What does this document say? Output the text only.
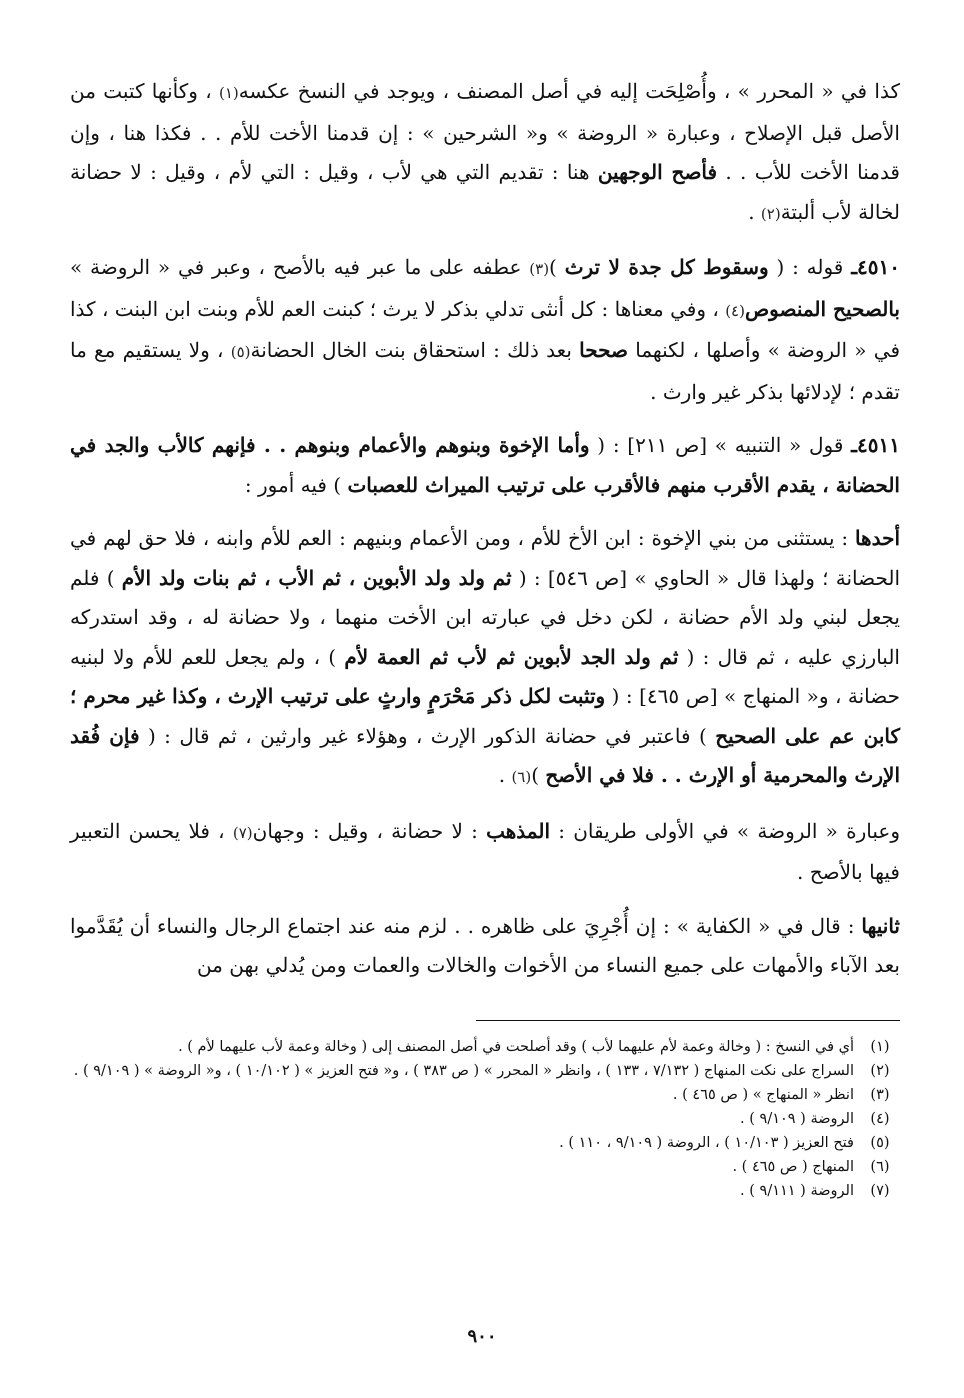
كذا في « المحرر » ، وأُصْلِحَت إليه في أصل المصنف ، ويوجد في النسخ عكسه(١) ، وكأنها كتبت من الأصل قبل الإصلاح ، وعبارة « الروضة » و« الشرحين » : إن قدمنا الأخت للأم . . فكذا هنا ، وإن قدمنا الأخت للأب . . فأصح الوجهين هنا : تقديم التي هي لأب ، وقيل : التي لأم ، وقيل : لا حضانة لخالة لأب ألبتة(٢) .

٤٥١٠ـ قوله : ( وسقوط كل جدة لا ترث )(٣) عطفه على ما عبر فيه بالأصح ، وعبر في « الروضة » بالصحيح المنصوص(٤) ، وفي معناها : كل أنثى تدلي بذكر لا يرث ؛ كبنت العم للأم وبنت ابن البنت ، كذا في « الروضة » وأصلها ، لكنهما صححا بعد ذلك : استحقاق بنت الخال الحضانة(٥) ، ولا يستقيم مع ما تقدم ؛ لإدلائها بذكر غير وارث .

٤٥١١ـ قول « التنبيه » [ص ٢١١] : ( وأما الإخوة وبنوهم والأعمام وبنوهم . . فإنهم كالأب والجد في الحضانة ، يقدم الأقرب منهم فالأقرب على ترتيب الميراث للعصبات ) فيه أمور :

أحدها : يستثنى من بني الإخوة : ابن الأخ للأم ، ومن الأعمام وبنيهم : العم للأم وابنه ، فلا حق لهم في الحضانة ؛ ولهذا قال « الحاوي » [ص ٥٤٦] : ( ثم ولد ولد الأبوين ، ثم الأب ، ثم بنات ولد الأم ) فلم يجعل لبني ولد الأم حضانة ، لكن دخل في عبارته ابن الأخت منهما ، ولا حضانة له ، وقد استدركه البارزي عليه ، ثم قال : ( ثم ولد الجد لأبوين ثم لأب ثم العمة لأم ) ، ولم يجعل للعم للأم ولا لبنيه حضانة ، و« المنهاج » [ص ٤٦٥] : ( وتثبت لكل ذكر مَحْرَمٍ وارثٍ على ترتيب الإرث ، وكذا غير محرم ؛ كابن عم على الصحيح ) فاعتبر في حضانة الذكور الإرث ، وهؤلاء غير وارثين ، ثم قال : ( فإن فُقد الإرث والمحرمية أو الإرث . . فلا في الأصح )(٦) .

وعبارة « الروضة » في الأولى طريقان : المذهب : لا حضانة ، وقيل : وجهان(٧) ، فلا يحسن التعبير فيها بالأصح .

ثانيها : قال في « الكفاية » : إن أُجْرِيَ على ظاهره . . لزم منه عند اجتماع الرجال والنساء أن يُقَدَّموا بعد الآباء والأمهات على جميع النساء من الأخوات والخالات والعمات ومن يُدلي بهن من

(١)
أي في النسخ : ( وخالة وعمة لأم عليهما لأب ) وقد أصلحت في أصل المصنف إلى ( وخالة وعمة لأب عليهما لأم ) .
(٢)
السراج على نكت المنهاج ( ٧/١٣٢ ، ١٣٣ ) ، وانظر « المحرر » ( ص ٣٨٣ ) ، و« فتح العزيز » ( ١٠/١٠٢ ) ، و« الروضة » ( ٩/١٠٩ ) .
(٣)
انظر « المنهاج » ( ص ٤٦٥ ) .
(٤)
الروضة ( ٩/١٠٩ ) .
(٥)
فتح العزيز ( ١٠/١٠٣ ) ، الروضة ( ٩/١٠٩ ، ١١٠ ) .
(٦)
المنهاج ( ص ٤٦٥ ) .
(٧)
الروضة ( ٩/١١١ ) .
٩٠٠
